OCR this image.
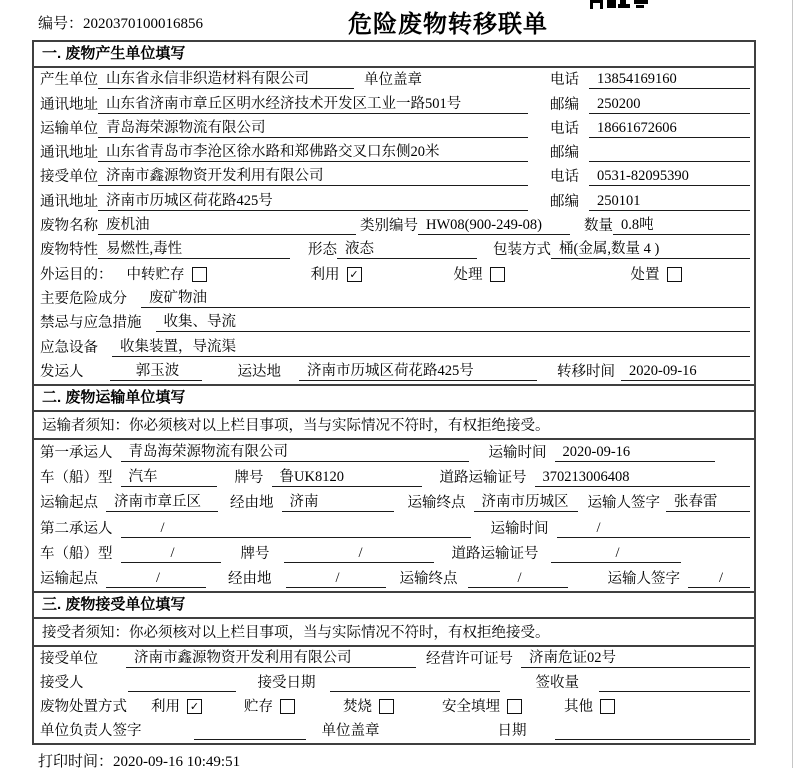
编号：2020370100016856	危险废物转移联单
一. 废物产生单位填写
产生单位 山东省永信非织造材料有限公司	单位盖章	电话	13854169160
通讯地址 山东省济南市章丘区明水经济技术开发区工业一路501号	邮编	250200
运输单位 青岛海荣源物流有限公司	电话	18661672606
通讯地址 山东省青岛市李沧区徐水路和郑佛路交叉口东侧20米	邮编
接受单位 济南市鑫源物资开发利用有限公司	电话	0531-82095390
通讯地址 济南市历城区荷花路425号	邮编	250101
废物名称 废机油	类别编号 HW08(900-249-08)	数量 0.8吨
废物特性 易燃性,毒性	形态 液态	包装方式 桶(金属,数量 4 )
外运目的： 中转贮存	利用 ✓	处理	处置
主要危险成分	废矿物油
禁忌与应急措施	收集、导流
应急设备	收集装置，导流渠
发运人	郭玉波	运达地	济南市历城区荷花路425号	转移时间 2020-09-16
二. 废物运输单位填写
运输者须知：你必须核对以上栏目事项，当与实际情况不符时，有权拒绝接受。
第一承运人	青岛海荣源物流有限公司	运输时间	2020-09-16
车（船）型	汽车	牌号	鲁UK8120	道路运输证号	370213006408
运输起点	济南市章丘区	经由地	济南	运输终点	济南市历城区	运输人签字 张春雷
第二承运人	/	运输时间	/
车（船）型	/	牌号	/	道路运输证号	/
运输起点	/	经由地	/	运输终点	/	运输人签字	/
三. 废物接受单位填写
接受者须知：你必须核对以上栏目事项，当与实际情况不符时，有权拒绝接受。
接受单位	济南市鑫源物资开发利用有限公司	经营许可证号	济南危证02号
接受人	接受日期	签收量
废物处置方式 利用 ✓	贮存	焚烧	安全填埋	其他
单位负责人签字	单位盖章	日期
打印时间：2020-09-16 10:49:51
